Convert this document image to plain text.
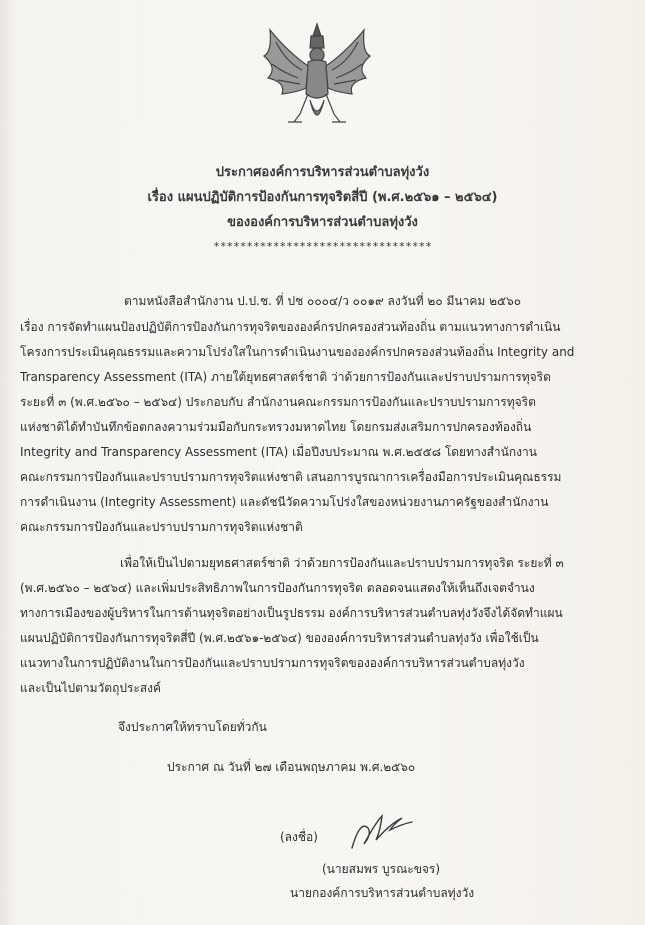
ประกาศองค์การบริหารส่วนตำบลทุ่งวัง
เรื่อง แผนปฏิบัติการป้องกันการทุจริตสี่ปี (พ.ศ.๒๕๖๑ – ๒๕๖๔)
ขององค์การบริหารส่วนตำบลทุ่งวัง
*********************************
ตามหนังสือสำนักงาน ป.ป.ช. ที่ ปช ๐๐๐๔/ว ๐๐๑๙ ลงวันที่ ๒๐ มีนาคม ๒๕๖๐
เรื่อง การจัดทำแผนป้องปฏิบัติการป้องกันการทุจริตขององค์กรปกครองส่วนท้องถิ่น ตามแนวทางการดำเนิน
โครงการประเมินคุณธรรมและความโปร่งใสในการดำเนินงานขององค์กรปกครองส่วนท้องถิ่น Integrity and
Transparency Assessment (ITA) ภายใต้ยุทธศาสตร์ชาติ ว่าด้วยการป้องกันและปราบปรามการทุจริต
ระยะที่ ๓ (พ.ศ.๒๕๖๐ – ๒๕๖๔) ประกอบกับ สำนักงานคณะกรรมการป้องกันและปราบปรามการทุจริต
แห่งชาติได้ทำบันทึกข้อตกลงความร่วมมือกับกระทรวงมหาดไทย โดยกรมส่งเสริมการปกครองท้องถิ่น
Integrity and Transparency Assessment (ITA) เมื่อปีงบประมาณ พ.ศ.๒๕๕๘ โดยทางสำนักงาน
คณะกรรมการป้องกันและปราบปรามการทุจริตแห่งชาติ เสนอการบูรณาการเครื่องมือการประเมินคุณธรรม
การดำเนินงาน (Integrity Assessment) และดัชนีวัดความโปร่งใสของหน่วยงานภาครัฐของสำนักงาน
คณะกรรมการป้องกันและปราบปรามการทุจริตแห่งชาติ
เพื่อให้เป็นไปตามยุทธศาสตร์ชาติ ว่าด้วยการป้องกันและปราบปรามการทุจริต ระยะที่ ๓
(พ.ศ.๒๕๖๐ – ๒๕๖๔) และเพิ่มประสิทธิภาพในการป้องกันการทุจริต ตลอดจนแสดงให้เห็นถึงเจตจำนง
ทางการเมืองของผู้บริหารในการต้านทุจริตอย่างเป็นรูปธรรม องค์การบริหารส่วนตำบลทุ่งวังจึงได้จัดทำแผน
แผนปฏิบัติการป้องกันการทุจริตสี่ปี (พ.ศ.๒๕๖๑-๒๕๖๔) ขององค์การบริหารส่วนตำบลทุ่งวัง เพื่อใช้เป็น
แนวทางในการปฏิบัติงานในการป้องกันและปราบปรามการทุจริตขององค์การบริหารส่วนตำบลทุ่งวัง
และเป็นไปตามวัตถุประสงค์
จึงประกาศให้ทราบโดยทั่วกัน
ประกาศ ณ วันที่ ๒๗ เดือนพฤษภาคม พ.ศ.๒๕๖๐
(ลงชื่อ)
(นายสมพร บูรณะขจร)
นายกองค์การบริหารส่วนตำบลทุ่งวัง
